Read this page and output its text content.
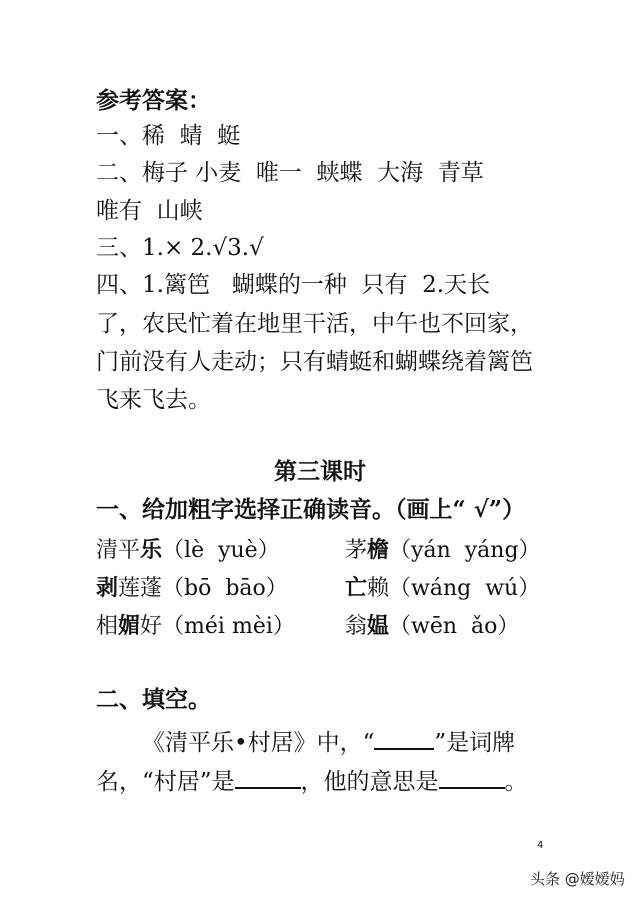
参考答案：
一、稀  蜻  蜓
二、梅子 小麦  唯一  蛱蝶  大海  青草
唯有  山峡
三、1.× 2.√3.√
四、1.篱笆   蝴蝶的一种  只有  2.天长
了，农民忙着在地里干活，中午也不回家，
门前没有人走动；只有蜻蜓和蝴蝶绕着篱笆
飞来飞去。
第三课时
一、给加粗字选择正确读音。（画上“ √”）
清平乐（lè  yuè）	茅檐（yán  yáng）
剥莲蓬（bō  bāo）	亡赖（wáng  wú）
相媚好（méi mèi） 翁媪（wēn  ǎo）
二、填空。
《清平乐•村居》中，“	”是词牌
名，“村居”是	，他的意思是	。
4
头条 @嫒嫒妈
